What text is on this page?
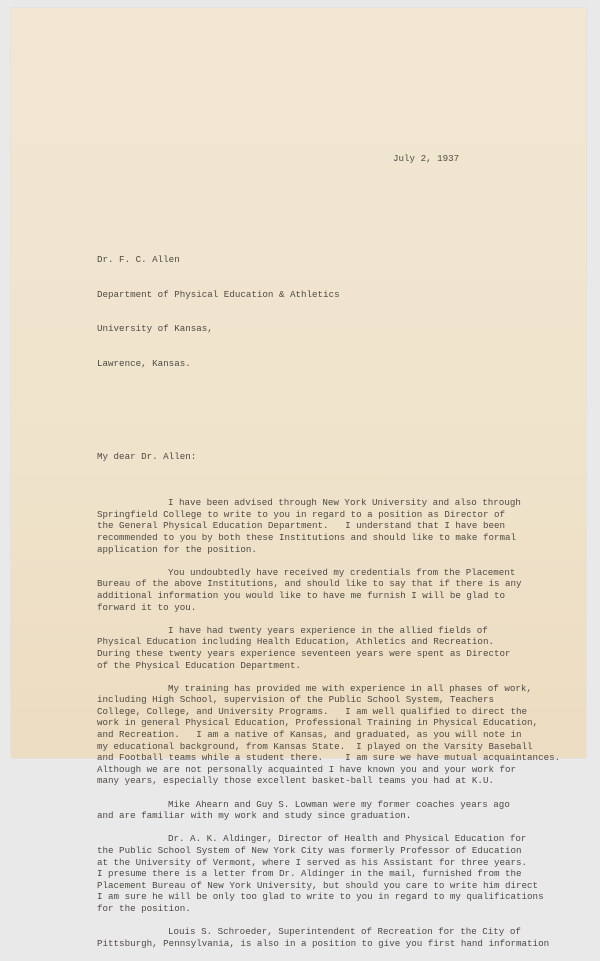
July 2, 1937

Dr. F. C. Allen

Department of Physical Education & Athletics

University of Kansas,

Lawrence, Kansas.

My dear Dr. Allen:

I have been advised through New York University and also through
Springfield College to write to you in regard to a position as Director of
the General Physical Education Department.   I understand that I have been
recommended to you by both these Institutions and should like to make formal
application for the position.
You undoubtedly have received my credentials from the Placement
Bureau of the above Institutions, and should like to say that if there is any
additional information you would like to have me furnish I will be glad to
forward it to you.
I have had twenty years experience in the allied fields of
Physical Education including Health Education, Athletics and Recreation.
During these twenty years experience seventeen years were spent as Director
of the Physical Education Department.
My training has provided me with experience in all phases of work,
including High School, supervision of the Public School System, Teachers
College, College, and University Programs.   I am well qualified to direct the
work in general Physical Education, Professional Training in Physical Education,
and Recreation.   I am a native of Kansas, and graduated, as you will note in
my educational background, from Kansas State.  I played on the Varsity Baseball
and Football teams while a student there.    I am sure we have mutual acquaintances.
Although we are not personally acquainted I have known you and your work for
many years, especially those excellent basket-ball teams you had at K.U.
Mike Ahearn and Guy S. Lowman were my former coaches years ago
and are familiar with my work and study since graduation.
Dr. A. K. Aldinger, Director of Health and Physical Education for
the Public School System of New York City was formerly Professor of Education
at the University of Vermont, where I served as his Assistant for three years.
I presume there is a letter from Dr. Aldinger in the mail, furnished from the
Placement Bureau of New York University, but should you care to write him direct
I am sure he will be only too glad to write to you in regard to my qualifications
for the position.
Louis S. Schroeder, Superintendent of Recreation for the City of
Pittsburgh, Pennsylvania, is also in a position to give you first hand information
